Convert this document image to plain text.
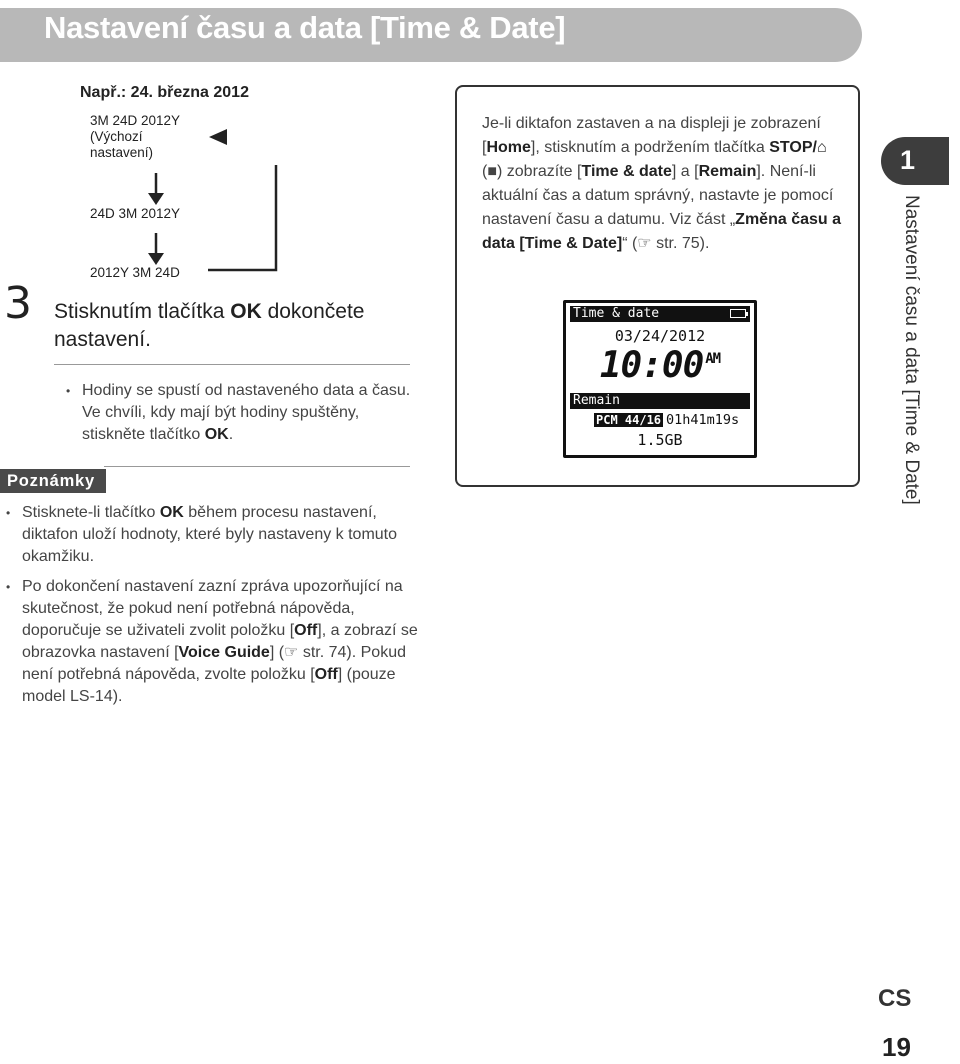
Nastavení času a data [Time & Date]
Např.: 24. března 2012
3M 24D 2012Y
(Výchozí
nastavení)
24D 3M 2012Y
2012Y 3M 24D
3 Stisknutím tlačítka OK dokončete nastavení.
• Hodiny se spustí od nastaveného data a času. Ve chvíli, kdy mají být hodiny spuštěny, stiskněte tlačítko OK.
Poznámky
• Stisknete-li tlačítko OK během procesu nastavení, diktafon uloží hodnoty, které byly nastaveny k tomuto okamžiku.
• Po dokončení nastavení zazní zpráva upozorňující na skutečnost, že pokud není potřebná nápověda, doporučuje se uživateli zvolit položku [Off], a zobrazí se obrazovka nastavení [Voice Guide] (☞ str. 74). Pokud není potřebná nápověda, zvolte položku [Off] (pouze model LS-14).
Je-li diktafon zastaven a na displeji je zobrazení [Home], stisknutím a podržením tlačítka STOP/⌂ (■) zobrazíte [Time & date] a [Remain]. Není-li aktuální čas a datum správný, nastavte je pomocí nastavení času a datumu. Viz část „Změna času a data [Time & Date]“ (☞ str. 75).
Time & date
03/24/2012
10:00 $^{AM}$
Remain
PCM 44/16 01h41m19s
1.5GB
1
Nastavení času a data [Time & Date]
CS
19
